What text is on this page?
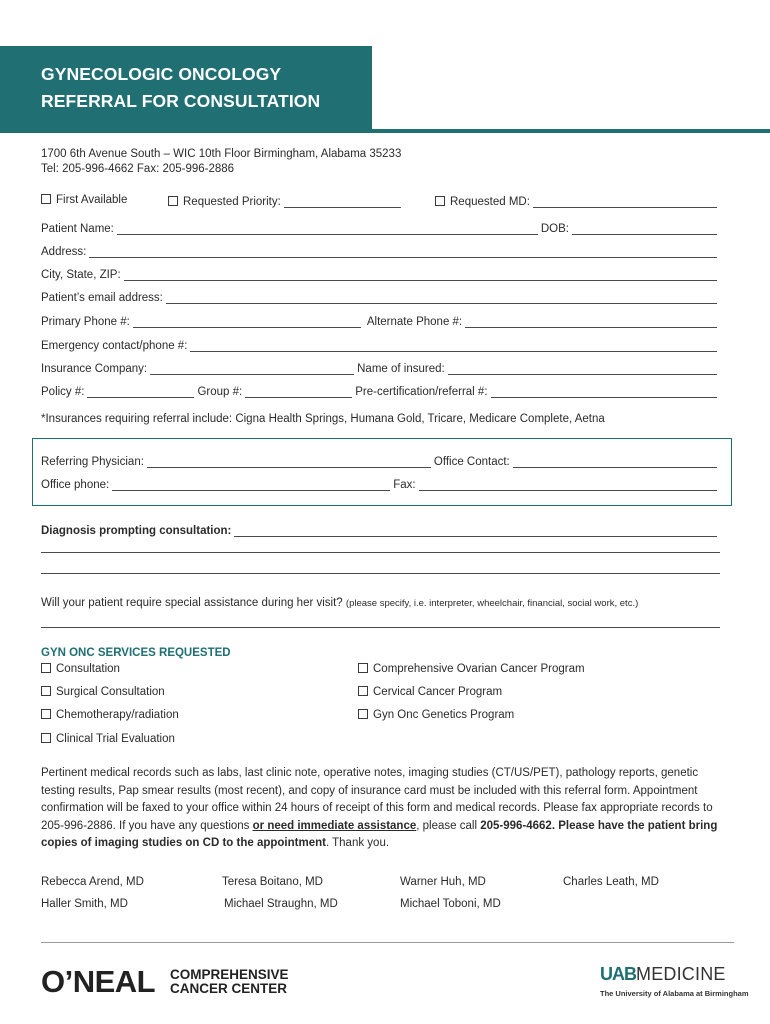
GYNECOLOGIC ONCOLOGY
REFERRAL FOR CONSULTATION
1700 6th Avenue South – WIC 10th Floor Birmingham, Alabama 35233
Tel: 205-996-4662 Fax: 205-996-2886
First Available	Requested Priority:	Requested MD:
Patient Name:	DOB:
Address:
City, State, ZIP:
Patient’s email address:
Primary Phone #:	Alternate Phone #:
Emergency contact/phone #:
Insurance Company:	Name of insured:
Policy #:	Group #:	Pre-certification/referral #:
*Insurances requiring referral include: Cigna Health Springs, Humana Gold, Tricare, Medicare Complete, Aetna
Referring Physician:	Office Contact:
Office phone:	Fax:
Diagnosis prompting consultation:
Will your patient require special assistance during her visit? (please specify, i.e. interpreter, wheelchair, financial, social work, etc.)
GYN ONC SERVICES REQUESTED
Consultation
Surgical Consultation
Chemotherapy/radiation
Clinical Trial Evaluation
Comprehensive Ovarian Cancer Program
Cervical Cancer Program
Gyn Onc Genetics Program
Pertinent medical records such as labs, last clinic note, operative notes, imaging studies (CT/US/PET), pathology reports, genetic testing results, Pap smear results (most recent), and copy of insurance card must be included with this referral form. Appointment confirmation will be faxed to your office within 24 hours of receipt of this form and medical records. Please fax appropriate records to 205-996-2886. If you have any questions or need immediate assistance, please call 205-996-4662. Please have the patient bring copies of imaging studies on CD to the appointment. Thank you.
Rebecca Arend, MD	Teresa Boitano, MD	Warner Huh, MD	Charles Leath, MD
Haller Smith, MD	Michael Straughn, MD	Michael Toboni, MD
O’NEAL COMPREHENSIVE
CANCER CENTER
UABMEDICINE
The University of Alabama at Birmingham
